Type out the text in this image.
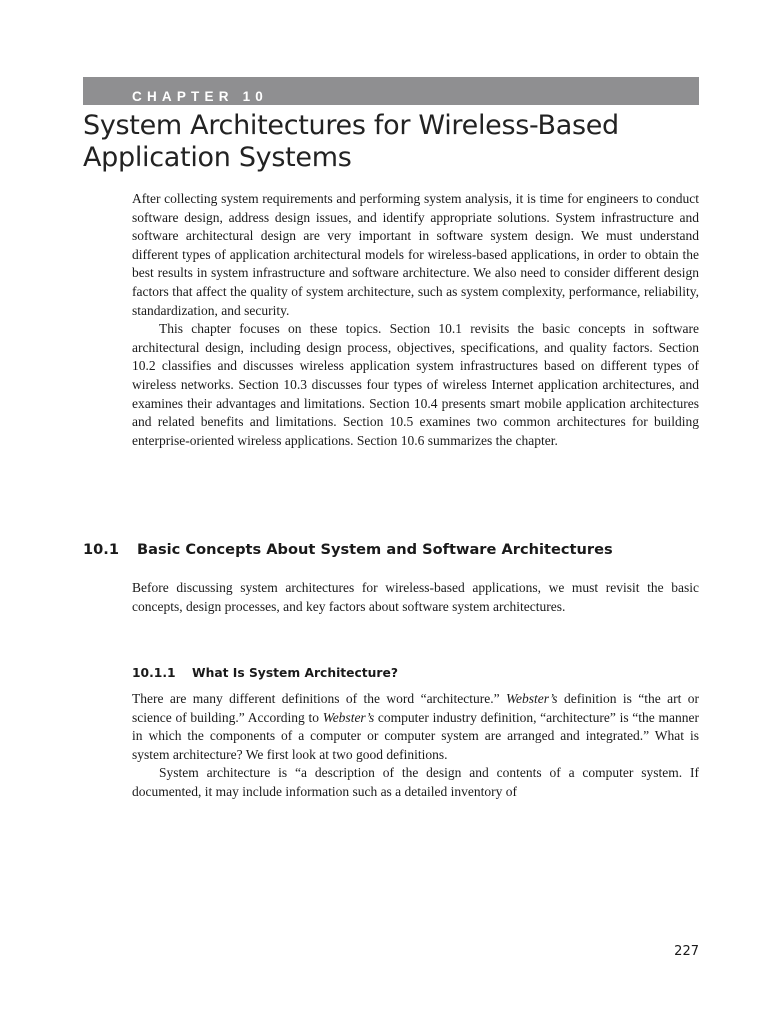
CHAPTER 10
System Architectures for Wireless-Based Application Systems

After collecting system requirements and performing system analysis, it is time for engineers to conduct software design, address design issues, and identify appropriate solutions. System infrastructure and software architectural design are very important in software system design. We must understand different types of application architectural models for wireless-based applications, in order to obtain the best results in system infrastructure and software architecture. We also need to consider different design factors that affect the quality of system architecture, such as system complexity, performance, reliability, standardization, and security.

This chapter focuses on these topics. Section 10.1 revisits the basic concepts in software architectural design, including design process, objectives, specifications, and quality factors. Section 10.2 classifies and discusses wireless application system infrastructures based on different types of wireless networks. Section 10.3 discusses four types of wireless Internet application architectures, and examines their advantages and limitations. Section 10.4 presents smart mobile application architectures and related benefits and limitations. Section 10.5 examines two common architectures for building enterprise-oriented wireless applications. Section 10.6 summarizes the chapter.

10.1 Basic Concepts About System and Software Architectures

Before discussing system architectures for wireless-based applications, we must revisit the basic concepts, design processes, and key factors about software system architectures.

10.1.1 What Is System Architecture?

There are many different definitions of the word “architecture.” Webster’s definition is “the art or science of building.” According to Webster’s computer industry definition, “architecture” is “the manner in which the components of a computer or computer system are arranged and integrated.” What is system architecture? We first look at two good definitions.

System architecture is “a description of the design and contents of a computer system. If documented, it may include information such as a detailed inventory of

227
